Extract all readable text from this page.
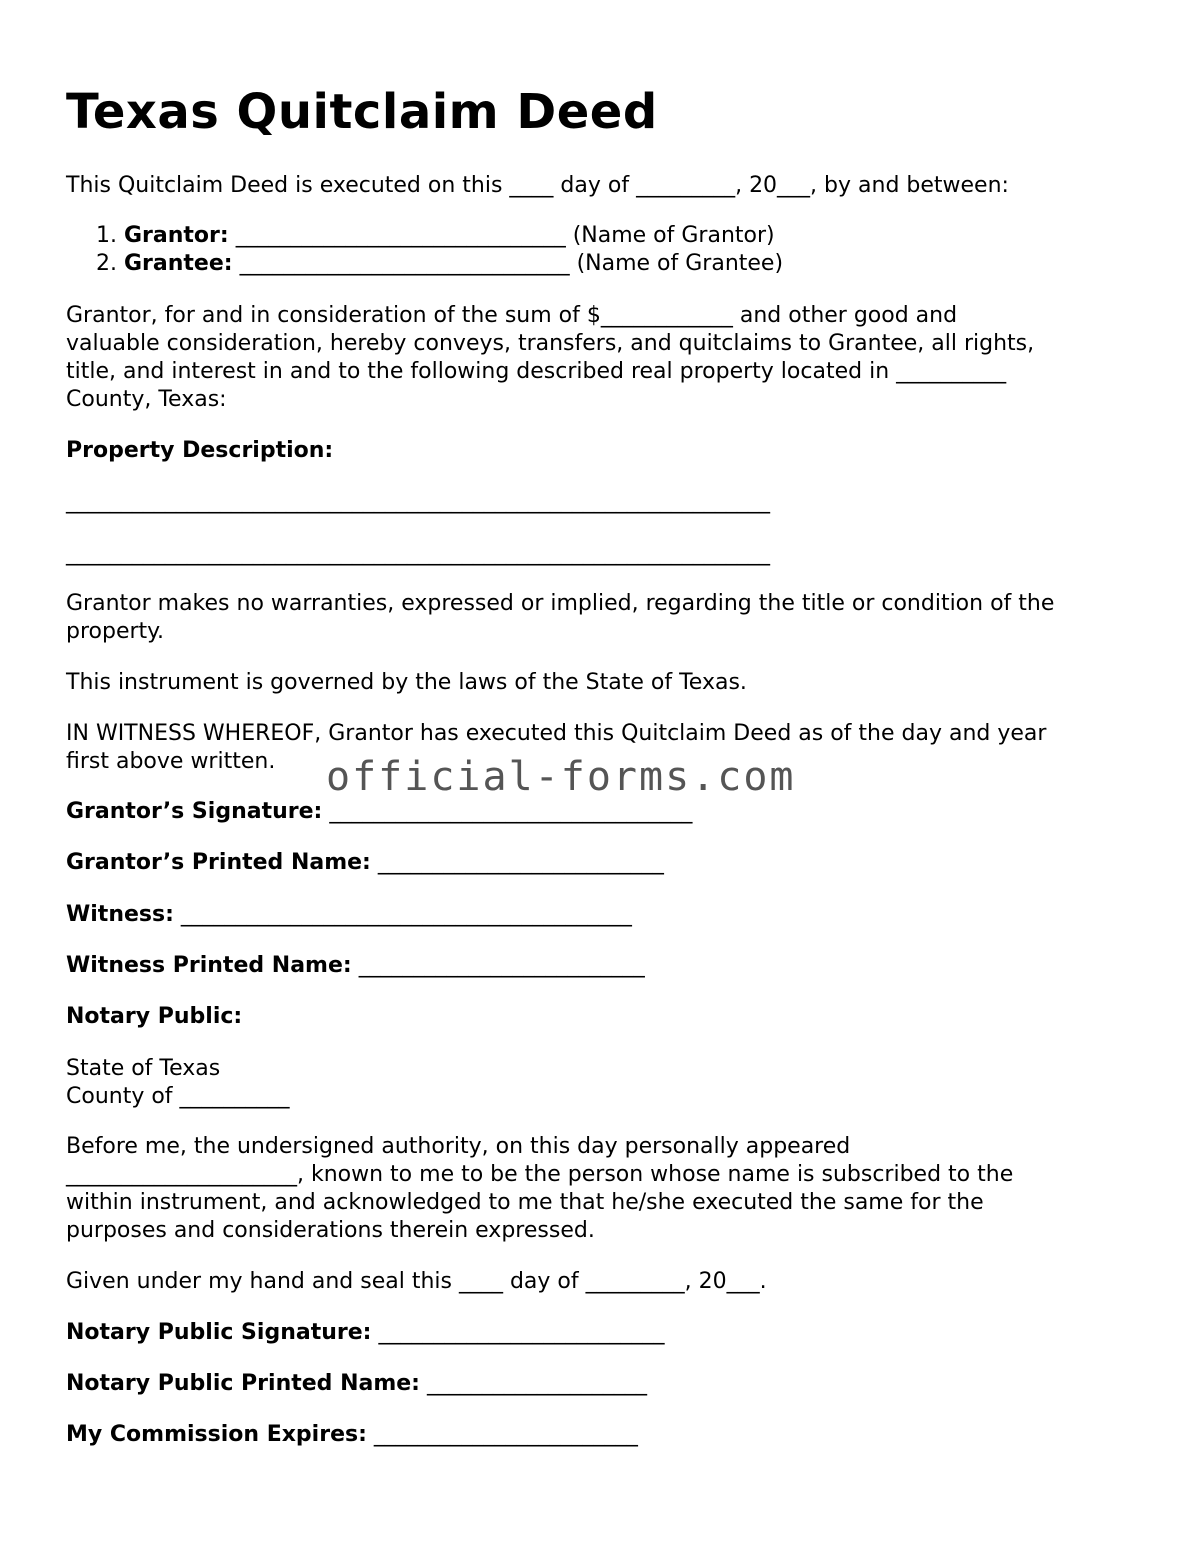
Texas Quitclaim Deed

This Quitclaim Deed is executed on this ____ day of _________, 20___, by and between:

1. Grantor: ______________________________ (Name of Grantor)
2. Grantee: ______________________________ (Name of Grantee)
Grantor, for and in consideration of the sum of $____________ and other good and
valuable consideration, hereby conveys, transfers, and quitclaims to Grantee, all rights,
title, and interest in and to the following described real property located in __________
County, Texas:

Property Description:

________________________________________________________________

________________________________________________________________

Grantor makes no warranties, expressed or implied, regarding the title or condition of the
property.

This instrument is governed by the laws of the State of Texas.

IN WITNESS WHEREOF, Grantor has executed this Quitclaim Deed as of the day and year
first above written.

Grantor’s Signature: _________________________________

Grantor’s Printed Name: __________________________

Witness: _________________________________________

Witness Printed Name: __________________________

Notary Public:

State of Texas
County of __________
Before me, the undersigned authority, on this day personally appeared
_____________________, known to me to be the person whose name is subscribed to the
within instrument, and acknowledged to me that he/she executed the same for the
purposes and considerations therein expressed.

Given under my hand and seal this ____ day of _________, 20___.

Notary Public Signature: __________________________

Notary Public Printed Name: ____________________

My Commission Expires: ________________________

official-forms.com
